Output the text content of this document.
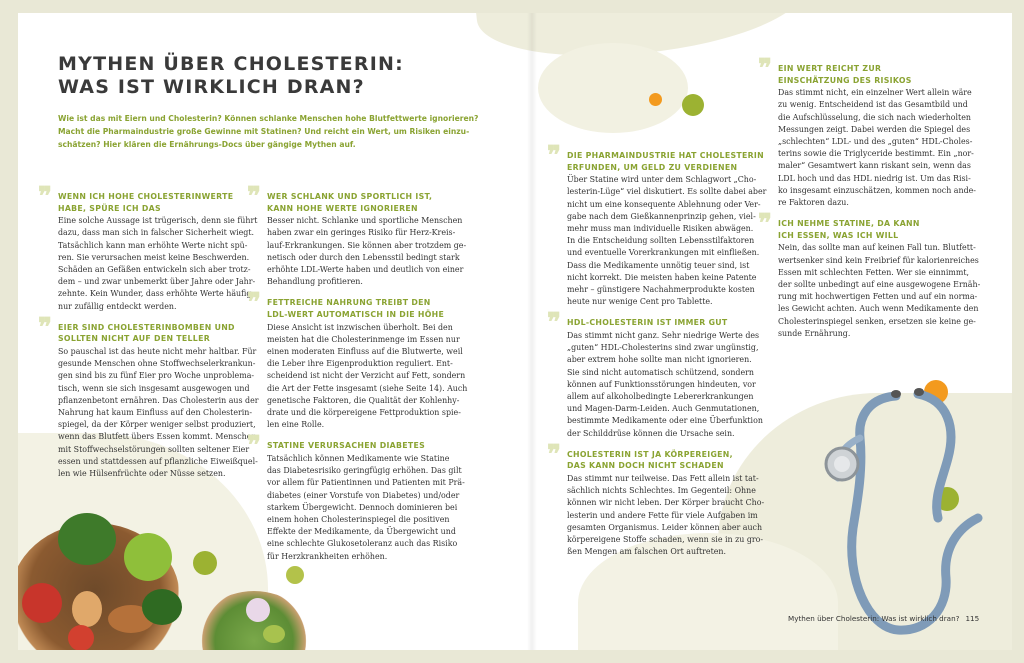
MYTHEN ÜBER CHOLESTERIN:
WAS IST WIRKLICH DRAN?
Wie ist das mit Eiern und Cholesterin? Können schlanke Menschen hohe Blutfettwerte ignorieren?
Macht die Pharmaindustrie große Gewinne mit Statinen? Und reicht ein Wert, um Risiken einzu-
schätzen? Hier klären die Ernährungs-Docs über gängige Mythen auf.
❞ WENN ICH HOHE CHOLESTERINWERTE
HABE, SPÜRE ICH DAS
Eine solche Aussage ist trügerisch, denn sie führt
dazu, dass man sich in falscher Sicherheit wiegt.
Tatsächlich kann man erhöhte Werte nicht spü-
ren. Sie verursachen meist keine Beschwerden.
Schäden an Gefäßen entwickeln sich aber trotz-
dem – und zwar unbemerkt über Jahre oder Jahr-
zehnte. Kein Wunder, dass erhöhte Werte häufig
nur zufällig entdeckt werden.
❞ EIER SIND CHOLESTERINBOMBEN UND
SOLLTEN NICHT AUF DEN TELLER
So pauschal ist das heute nicht mehr haltbar. Für
gesunde Menschen ohne Stoffwechselerkrankun-
gen sind bis zu fünf Eier pro Woche unproblema-
tisch, wenn sie sich insgesamt ausgewogen und
pflanzenbetont ernähren. Das Cholesterin aus der
Nahrung hat kaum Einfluss auf den Cholesterin-
spiegel, da der Körper weniger selbst produziert,
wenn das Blutfett übers Essen kommt. Menschen
mit Stoffwechselstörungen sollten seltener Eier
essen und stattdessen auf pflanzliche Eiweißquel-
len wie Hülsenfrüchte oder Nüsse setzen.
❞ WER SCHLANK UND SPORTLICH IST,
KANN HOHE WERTE IGNORIEREN
Besser nicht. Schlanke und sportliche Menschen
haben zwar ein geringes Risiko für Herz-Kreis-
lauf-Erkrankungen. Sie können aber trotzdem ge-
netisch oder durch den Lebensstil bedingt stark
erhöhte LDL-Werte haben und deutlich von einer
Behandlung profitieren.
❞ FETTREICHE NAHRUNG TREIBT DEN
LDL-WERT AUTOMATISCH IN DIE HÖHE
Diese Ansicht ist inzwischen überholt. Bei den
meisten hat die Cholesterinmenge im Essen nur
einen moderaten Einfluss auf die Blutwerte, weil
die Leber ihre Eigenproduktion reguliert. Ent-
scheidend ist nicht der Verzicht auf Fett, sondern
die Art der Fette insgesamt (siehe Seite 14). Auch
genetische Faktoren, die Qualität der Kohlenhy-
drate und die körpereigene Fettproduktion spie-
len eine Rolle.
❞ STATINE VERURSACHEN DIABETES
Tatsächlich können Medikamente wie Statine
das Diabetesrisiko geringfügig erhöhen. Das gilt
vor allem für Patientinnen und Patienten mit Prä-
diabetes (einer Vorstufe von Diabetes) und/oder
starkem Übergewicht. Dennoch dominieren bei
einem hohen Cholesterinspiegel die positiven
Effekte der Medikamente, da Übergewicht und
eine schlechte Glukosetoleranz auch das Risiko
für Herzkrankheiten erhöhen.
❞ DIE PHARMAINDUSTRIE HAT CHOLESTERIN
ERFUNDEN, UM GELD ZU VERDIENEN
Über Statine wird unter dem Schlagwort „Cho-
lesterin-Lüge“ viel diskutiert. Es sollte dabei aber
nicht um eine konsequente Ablehnung oder Ver-
gabe nach dem Gießkannenprinzip gehen, viel-
mehr muss man individuelle Risiken abwägen.
In die Entscheidung sollten Lebensstilfaktoren
und eventuelle Vorerkrankungen mit einfließen.
Dass die Medikamente unnötig teuer sind, ist
nicht korrekt. Die meisten haben keine Patente
mehr – günstigere Nachahmerprodukte kosten
heute nur wenige Cent pro Tablette.
❞ HDL-CHOLESTERIN IST IMMER GUT
Das stimmt nicht ganz. Sehr niedrige Werte des
„guten“ HDL-Cholesterins sind zwar ungünstig,
aber extrem hohe sollte man nicht ignorieren.
Sie sind nicht automatisch schützend, sondern
können auf Funktionsstörungen hindeuten, vor
allem auf alkoholbedingte Lebererkrankungen
und Magen-Darm-Leiden. Auch Genmutationen,
bestimmte Medikamente oder eine Überfunktion
der Schilddrüse können die Ursache sein.
❞ CHOLESTERIN IST JA KÖRPEREIGEN,
DAS KANN DOCH NICHT SCHADEN
Das stimmt nur teilweise. Das Fett allein ist tat-
sächlich nichts Schlechtes. Im Gegenteil: Ohne
können wir nicht leben. Der Körper braucht Cho-
lesterin und andere Fette für viele Aufgaben im
gesamten Organismus. Leider können aber auch
körpereigene Stoffe schaden, wenn sie in zu gro-
ßen Mengen am falschen Ort auftreten.
❞ EIN WERT REICHT ZUR
EINSCHÄTZUNG DES RISIKOS
Das stimmt nicht, ein einzelner Wert allein wäre
zu wenig. Entscheidend ist das Gesamtbild und
die Aufschlüsselung, die sich nach wiederholten
Messungen zeigt. Dabei werden die Spiegel des
„schlechten“ LDL- und des „guten“ HDL-Choles-
terins sowie die Triglyceride bestimmt. Ein „nor-
maler“ Gesamtwert kann riskant sein, wenn das
LDL hoch und das HDL niedrig ist. Um das Risi-
ko insgesamt einzuschätzen, kommen noch ande-
re Faktoren dazu.
❞ ICH NEHME STATINE, DA KANN
ICH ESSEN, WAS ICH WILL
Nein, das sollte man auf keinen Fall tun. Blutfett-
wertsenker sind kein Freibrief für kalorienreiches
Essen mit schlechten Fetten. Wer sie einnimmt,
der sollte unbedingt auf eine ausgewogene Ernäh-
rung mit hochwertigen Fetten und auf ein norma-
les Gewicht achten. Auch wenn Medikamente den
Cholesterinspiegel senken, ersetzen sie keine ge-
sunde Ernährung.
Mythen über Cholesterin: Was ist wirklich dran? 115
